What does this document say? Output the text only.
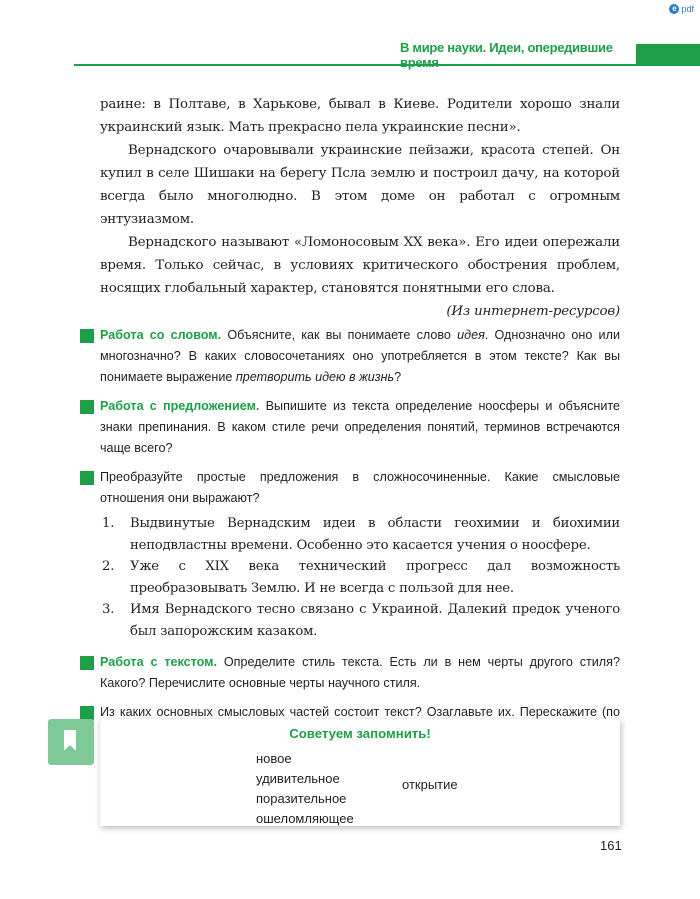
e pdf
В мире науки. Идеи, опередившие время

раине: в Полтаве, в Харькове, бывал в Киеве. Родители хорошо знали украинский язык. Мать прекрасно пела украинские песни».

Вернадского очаровывали украинские пейзажи, красота степей. Он купил в селе Шишаки на берегу Псла землю и построил дачу, на которой всегда было многолюдно. В этом доме он работал с огромным энтузиазмом.

Вернадского называют «Ломоносовым ХХ века». Его идеи опережали время. Только сейчас, в условиях критического обострения проблем, носящих глобальный характер, становятся понятными его слова.

(Из интернет-ресурсов)

Работа со словом. Объясните, как вы понимаете слово идея. Однозначно оно или многозначно? В каких словосочетаниях оно употребляется в этом тексте? Как вы понимаете выражение претворить идею в жизнь?
Работа с предложением. Выпишите из текста определение ноосферы и объясните знаки препинания. В каком стиле речи определения понятий, терминов встречаются чаще всего?
Преобразуйте простые предложения в сложносочиненные. Какие смысловые отношения они выражают?
1. Выдвинутые Вернадским идеи в области геохимии и биохимии неподвластны времени. Особенно это касается учения о ноосфере.
2. Уже с XIX века технический прогресс дал возможность преобразовывать Землю. И не всегда с пользой для нее.
3. Имя Вернадского тесно связано с Украиной. Далекий предок ученого был запорожским казаком.
Работа с текстом. Определите стиль текста. Есть ли в нем черты другого стиля? Какого? Перечислите основные черты научного стиля.
Из каких основных смысловых частей состоит текст? Озаглавьте их. Перескажите (по
Советуем запомнить!
новое
удивительное
поразительное
ошеломляющее
открытие
161
